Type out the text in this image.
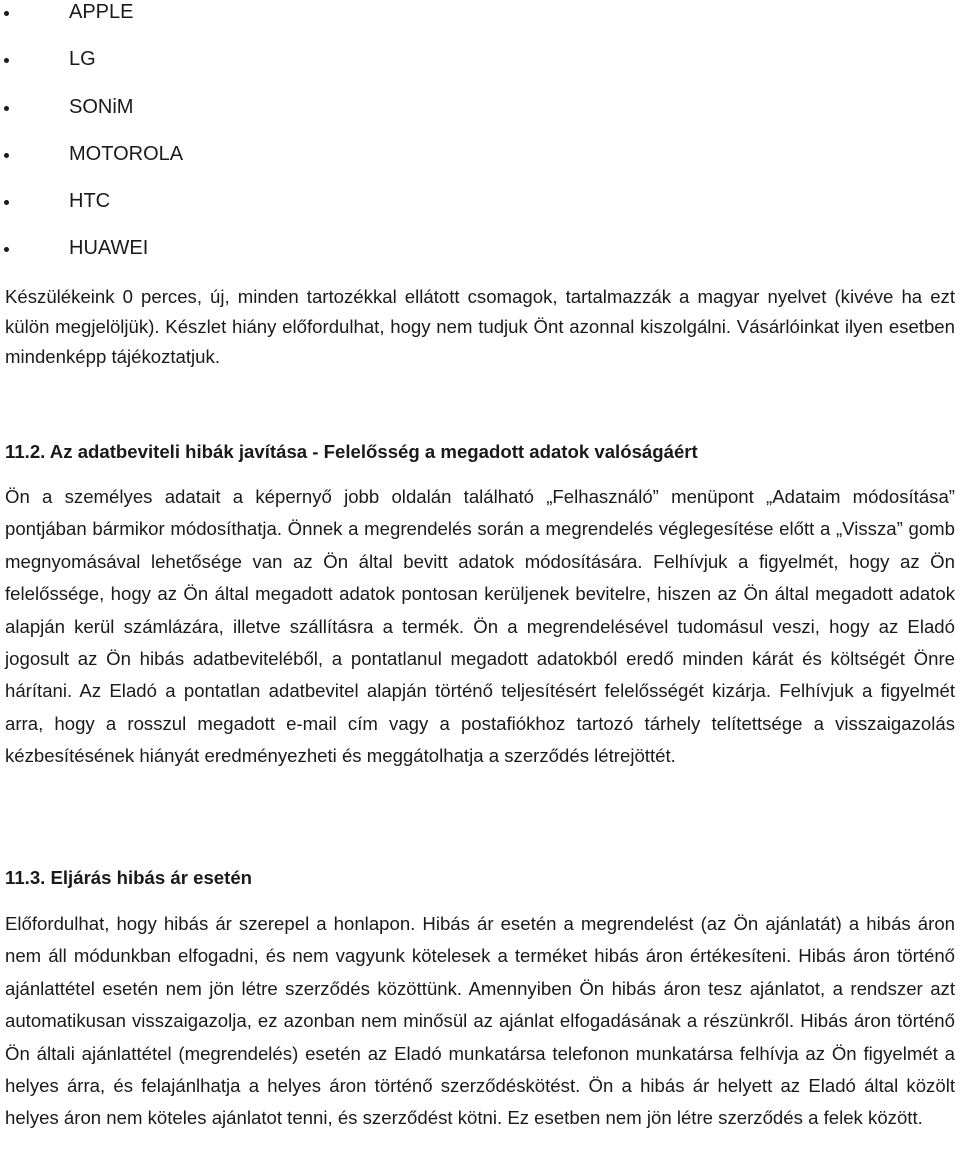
APPLE
LG
SONiM
MOTOROLA
HTC
HUAWEI

Készülékeink 0 perces, új, minden tartozékkal ellátott csomagok, tartalmazzák a magyar nyelvet (kivéve ha ezt külön megjelöljük). Készlet hiány előfordulhat, hogy nem tudjuk Önt azonnal kiszolgálni. Vásárlóinkat ilyen esetben mindenképp tájékoztatjuk.

11.2. Az adatbeviteli hibák javítása - Felelősség a megadott adatok valóságáért

Ön a személyes adatait a képernyő jobb oldalán található „Felhasználó” menüpont „Adataim módosítása” pontjában bármikor módosíthatja. Önnek a megrendelés során a megrendelés véglegesítése előtt a „Vissza” gomb megnyomásával lehetősége van az Ön által bevitt adatok módosítására. Felhívjuk a figyelmét, hogy az Ön felelőssége, hogy az Ön által megadott adatok pontosan kerüljenek bevitelre, hiszen az Ön által megadott adatok alapján kerül számlázára, illetve szállításra a termék. Ön a megrendelésével tudomásul veszi, hogy az Eladó jogosult az Ön hibás adatbeviteléből, a pontatlanul megadott adatokból eredő minden kárát és költségét Önre hárítani. Az Eladó a pontatlan adatbevitel alapján történő teljesítésért felelősségét kizárja. Felhívjuk a figyelmét arra, hogy a rosszul megadott e-mail cím vagy a postafiókhoz tartozó tárhely telítettsége a visszaigazolás kézbesítésének hiányát eredményezheti és meggátolhatja a szerződés létrejöttét.

11.3. Eljárás hibás ár esetén

Előfordulhat, hogy hibás ár szerepel a honlapon. Hibás ár esetén a megrendelést (az Ön ajánlatát) a hibás áron nem áll módunkban elfogadni, és nem vagyunk kötelesek a terméket hibás áron értékesíteni. Hibás áron történő ajánlattétel esetén nem jön létre szerződés közöttünk. Amennyiben Ön hibás áron tesz ajánlatot, a rendszer azt automatikusan visszaigazolja, ez azonban nem minősül az ajánlat elfogadásának a részünkről. Hibás áron történő Ön általi ajánlattétel (megrendelés) esetén az Eladó munkatársa telefonon munkatársa felhívja az Ön figyelmét a helyes árra, és felajánlhatja a helyes áron történő szerződéskötést. Ön a hibás ár helyett az Eladó által közölt helyes áron nem köteles ajánlatot tenni, és szerződést kötni. Ez esetben nem jön létre szerződés a felek között.
